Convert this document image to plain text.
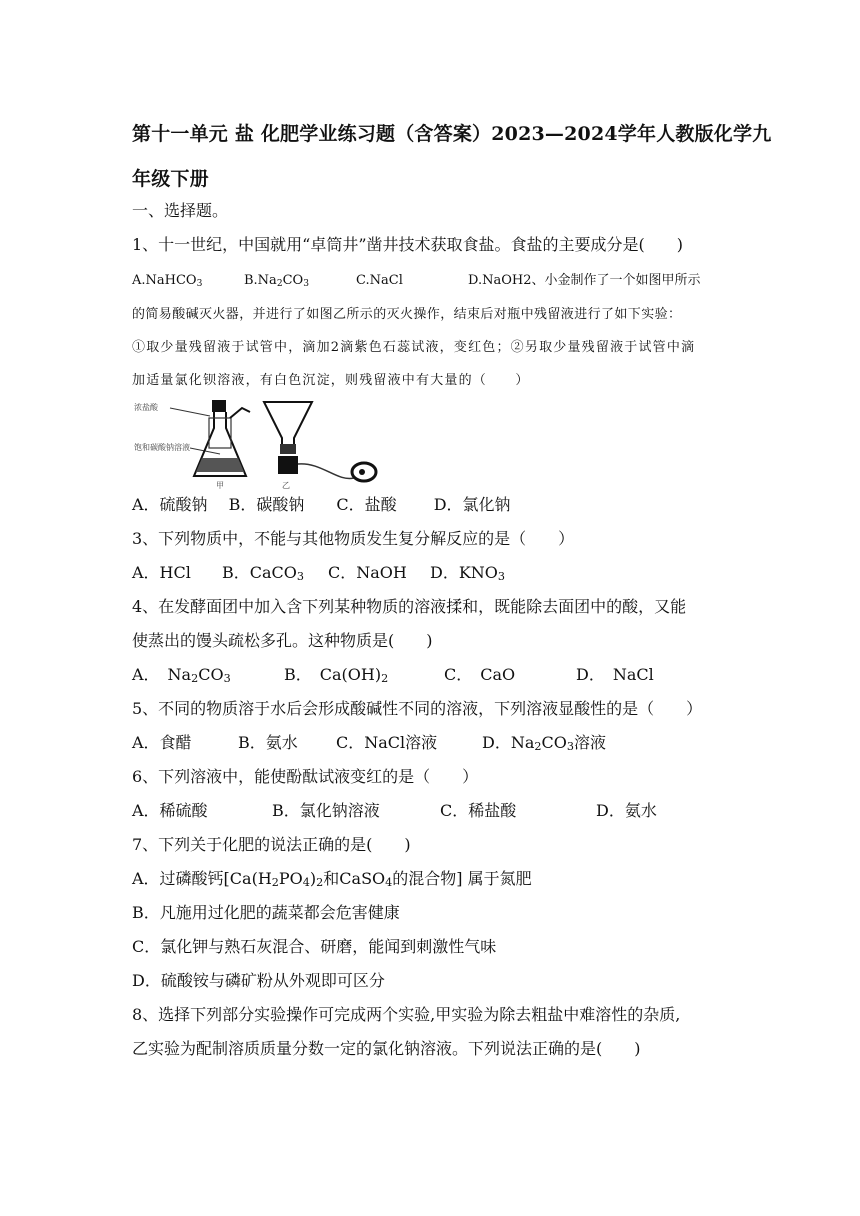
第十一单元 盐 化肥学业练习题（含答案）2023—2024学年人教版化学九年级下册
一、选择题。
1、十一世纪，中国就用“卓筒井”凿井技术获取食盐。食盐的主要成分是(　　)
A.NaHCO$_3$	$B.Na_2CO_3$	C.NaCl	D.NaOH2、小金制作了一个如图甲所示
的简易酸碱灭火器，并进行了如图乙所示的灭火操作，结束后对瓶中残留液进行了如下实验：
①取少量残留液于试管中，滴加2滴紫色石蕊试液，变红色；②另取少量残留液于试管中滴
加适量氯化钡溶液，有白色沉淀，则残留液中有大量的（　　）
浓盐酸
饱和碳酸钠溶液
甲	乙
A．硫酸钠　 B．碳酸钠　　C．盐酸　　 D．氯化钠
3、下列物质中，不能与其他物质发生复分解反应的是（　　）
A．HCl B．CaCO$_3$ C．NaOH D．$KNO_3$
4、在发酵面团中加入含下列某种物质的溶液揉和，既能除去面团中的酸，又能
使蒸出的馒头疏松多孔。这种物质是(　　)
A．　$Na_2CO_3$	B．　$Ca(OH)_2$	C．　CaO	D．　NaCl
5、不同的物质溶于水后会形成酸碱性不同的溶液，下列溶液显酸性的是（　　）
A．食醋	B．氨水 C．NaCl溶液	D．$Na_2CO_3$溶液
6、下列溶液中，能使酚酞试液变红的是（　　）
A．稀硫酸	B．氯化钠溶液	C．稀盐酸	D．氨水
7、下列关于化肥的说法正确的是(　　)
A．过磷酸钙[$Ca(H_2PO_4)_2$和CaSO$_4$的混合物] 属于氮肥
B．凡施用过化肥的蔬菜都会危害健康
C．氯化钾与熟石灰混合、研磨，能闻到刺激性气味
D．硫酸铵与磷矿粉从外观即可区分
8、选择下列部分实验操作可完成两个实验,甲实验为除去粗盐中难溶性的杂质,
乙实验为配制溶质质量分数一定的氯化钠溶液。下列说法正确的是(　　)
